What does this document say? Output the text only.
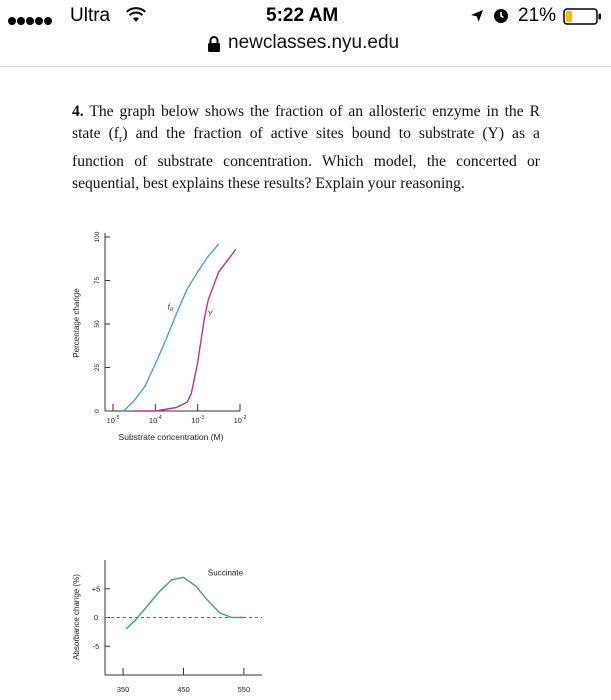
Ultra	5:22 AM	21%
newclasses.nyu.edu

4. The graph below shows the fraction of an allosteric enzyme in the R state $(f_r)$ and the fraction of active sites bound to substrate (Y) as a function of substrate concentration. Which model, the concerted or sequential, best explains these results? Explain your reasoning.

0
25
50
75
100
$10^{-5}$	$10^{-4}$	$10^{-3}$	$10^{-2}$
$f_R$	Y
Percentage change
Substrate concentration (M)
+5
0
-5
350	450	550
Succinate
Absorbance change (%)
